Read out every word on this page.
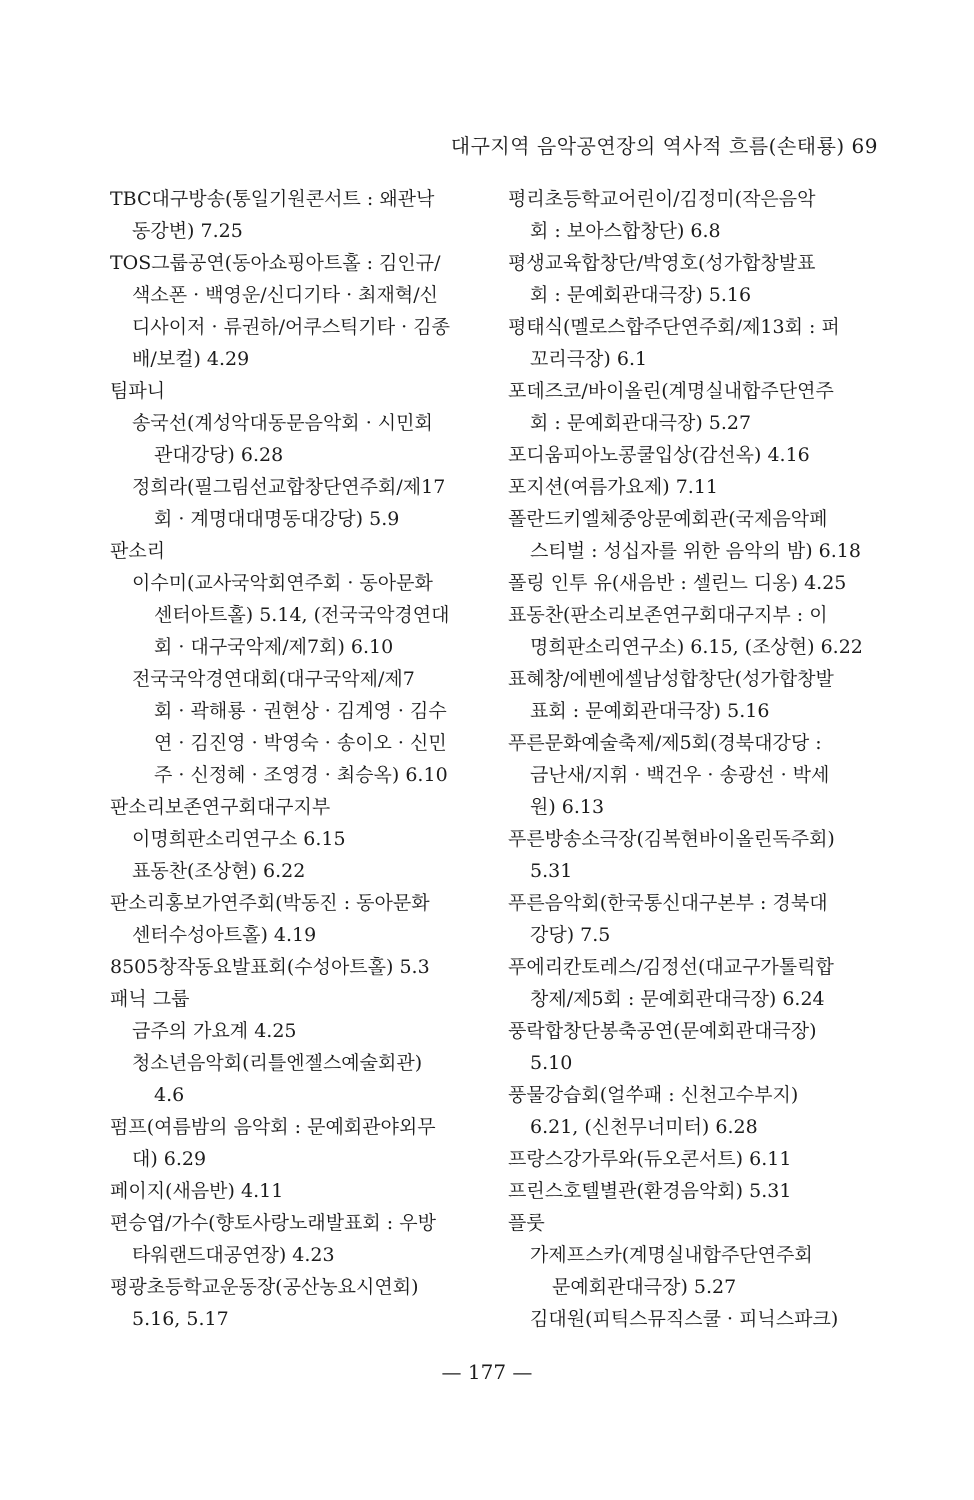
대구지역 음악공연장의 역사적 흐름(손태룡) 69
TBC대구방송(통일기원콘서트 : 왜관낙
동강변) 7.25
TOS그룹공연(동아쇼핑아트홀 : 김인규/
색소폰 · 백영운/신디기타 · 최재혁/신
디사이저 · 류권하/어쿠스틱기타 · 김종
배/보컬) 4.29
팀파니
송국선(계성악대동문음악회 · 시민회
관대강당) 6.28
정희라(필그림선교합창단연주회/제17
회 · 계명대대명동대강당) 5.9
판소리
이수미(교사국악회연주회 · 동아문화
센터아트홀) 5.14, (전국국악경연대
회 · 대구국악제/제7회) 6.10
전국국악경연대회(대구국악제/제7
회 · 곽해룡 · 권현상 · 김계영 · 김수
연 · 김진영 · 박영숙 · 송이오 · 신민
주 · 신정혜 · 조영경 · 최승옥) 6.10
판소리보존연구회대구지부
이명희판소리연구소 6.15
표동찬(조상현) 6.22
판소리홍보가연주회(박동진 : 동아문화
센터수성아트홀) 4.19
8505창작동요발표회(수성아트홀) 5.3
패닉 그룹
금주의 가요계 4.25
청소년음악회(리틀엔젤스예술회관)
4.6
펌프(여름밤의 음악회 : 문예회관야외무
대) 6.29
페이지(새음반) 4.11
편승엽/가수(향토사랑노래발표회 : 우방
타워랜드대공연장) 4.23
평광초등학교운동장(공산농요시연회)
5.16, 5.17
평리초등학교어린이/김정미(작은음악
회 : 보아스합창단) 6.8
평생교육합창단/박영호(성가합창발표
회 : 문예회관대극장) 5.16
평태식(멜로스합주단연주회/제13회 : 퍼
꼬리극장) 6.1
포데즈코/바이올린(계명실내합주단연주
회 : 문예회관대극장) 5.27
포디움피아노콩쿨입상(감선옥) 4.16
포지션(여름가요제) 7.11
폴란드키엘체중앙문예회관(국제음악페
스티벌 : 성십자를 위한 음악의 밤) 6.18
폴링 인투 유(새음반 : 셀린느 디옹) 4.25
표동찬(판소리보존연구회대구지부 : 이
명희판소리연구소) 6.15, (조상현) 6.22
표혜창/에벤에셀남성합창단(성가합창발
표회 : 문예회관대극장) 5.16
푸른문화예술축제/제5회(경북대강당 :
금난새/지휘 · 백건우 · 송광선 · 박세
원) 6.13
푸른방송소극장(김복현바이올린독주회)
5.31
푸른음악회(한국통신대구본부 : 경북대
강당) 7.5
푸에리칸토레스/김정선(대교구가톨릭합
창제/제5회 : 문예회관대극장) 6.24
풍락합창단봉축공연(문예회관대극장)
5.10
풍물강습회(얼쑤패 : 신천고수부지)
6.21, (신천무너미터) 6.28
프랑스강가루와(듀오콘서트) 6.11
프린스호텔별관(환경음악회) 5.31
플룻
가제프스카(계명실내합주단연주회
문예회관대극장) 5.27
김대원(피틱스뮤직스쿨 · 피닉스파크)
— 177 —
